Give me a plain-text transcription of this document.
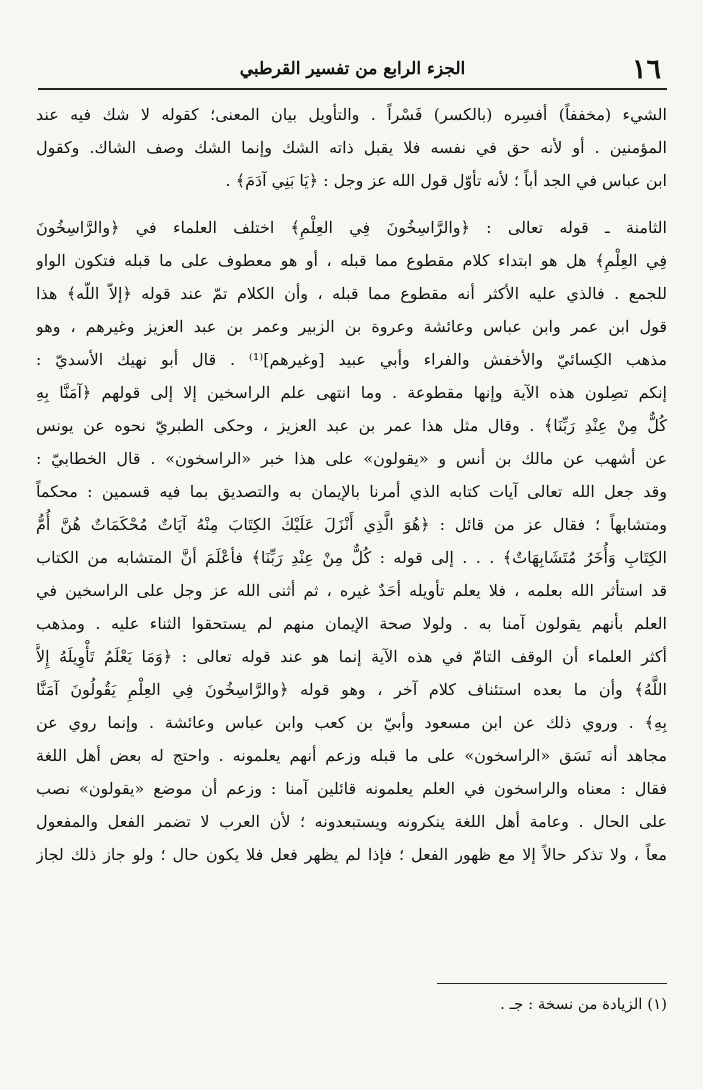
١٦
الجزء الرابع من تفسير القرطبي
الشيء (مخففاً) أفسِره (بالكسر) فَسْراً . والتأويل بيان المعنى؛ كقوله لا شك فيه عند
المؤمنين . أو لأنه حق في نفسه فلا يقبل ذاته الشك وإنما الشك وصف الشاك. وكقول
ابن عباس في الجد أباً ؛ لأنه تأوّل قول الله عز وجل : ﴿يَا بَنِي آدَمَ﴾ .
الثامنة ـ قوله تعالى : ﴿والرَّاسِخُونَ فِي العِلْمِ﴾ اختلف العلماء في ﴿والرَّاسِخُونَ
فِي العِلْمِ﴾ هل هو ابتداء كلام مقطوع مما قبله ، أو هو معطوف على ما قبله فتكون الواو
للجمع . فالذي عليه الأكثر أنه مقطوع مما قبله ، وأن الكلام تمّ عند قوله ﴿إلاّ اللّه﴾ هذا
قول ابن عمر وابن عباس وعائشة وعروة بن الزبير وعمر بن عبد العزيز وغيرهم ، وهو
مذهب الكِسائيّ والأخفش والفراء وأبي عبيد [وغيرهم]⁽¹⁾ . قال أبو نهيك الأسديّ :
إنكم تصِلون هذه الآية وإنها مقطوعة . وما انتهى علم الراسخين إلا إلى قولهم ﴿آمَنَّا بِهِ
كُلٌّ مِنْ عِنْدِ رَبِّنَا﴾ . وقال مثل هذا عمر بن عبد العزيز ، وحكى الطبريّ نحوه عن يونس
عن أشهب عن مالك بن أنس و «يقولون» على هذا خبر «الراسخون» . قال الخطابيّ :
وقد جعل الله تعالى آيات كتابه الذي أمرنا بالإيمان به والتصديق بما فيه قسمين : محكماً
ومتشابهاً ؛ فقال عز من قائل : ﴿هُوَ الَّذِي أَنْزَلَ عَلَيْكَ الكِتَابَ مِنْهُ آيَاتٌ مُحْكَمَاتٌ هُنَّ أُمُّ
الكِتَابِ وَأُخَرُ مُتَشَابِهَاتٌ﴾ . . . إلى قوله : كُلٌّ مِنْ عِنْدِ رَبِّنَا﴾ فأعْلَمَ أنَّ المتشابه من الكتاب
قد استأثر الله بعلمه ، فلا يعلم تأويله أحَدٌ غيره ، ثم أثنى الله عز وجل على الراسخين في
العلم بأنهم يقولون آمنا به . ولولا صحة الإيمان منهم لم يستحقوا الثناء عليه . ومذهب
أكثر العلماء أن الوقف التامّ في هذه الآية إنما هو عند قوله تعالى : ﴿وَمَا يَعْلَمُ تَأْوِيلَهُ إِلاَّ
اللَّهُ﴾ وأن ما بعده استئناف كلام آخر ، وهو قوله ﴿والرَّاسِخُونَ فِي العِلْمِ يَقُولُونَ آمَنَّا
بِهِ﴾ . وروي ذلك عن ابن مسعود وأبيّ بن كعب وابن عباس وعائشة . وإنما روي عن
مجاهد أنه نَسَق «الراسخون» على ما قبله وزعم أنهم يعلمونه . واحتج له بعض أهل اللغة
فقال : معناه والراسخون في العلم يعلمونه قائلين آمنا : وزعم أن موضع «يقولون» نصب
على الحال . وعامة أهل اللغة ينكرونه ويستبعدونه ؛ لأن العرب لا تضمر الفعل والمفعول
معاً ، ولا تذكر حالاً إلا مع ظهور الفعل ؛ فإذا لم يظهر فعل فلا يكون حال ؛ ولو جاز ذلك لجاز
(١) الزيادة من نسخة : جـ .
